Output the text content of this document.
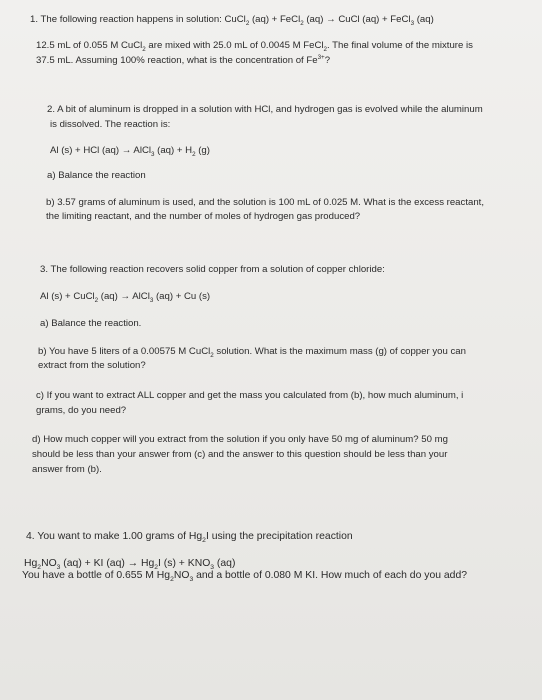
1. The following reaction happens in solution: CuCl$_2$ (aq) + FeCl$_2$ (aq) → CuCl (aq) + FeCl$_3$ (aq)
12.5 mL of 0.055 M CuCl$_2$ are mixed with 25.0 mL of 0.0045 M FeCl$_2$. The final volume of the mixture is
37.5 mL. Assuming 100% reaction, what is the concentration of $Fe^{3+}$?
2. A bit of aluminum is dropped in a solution with HCl, and hydrogen gas is evolved while the aluminum
is dissolved. The reaction is:
Al (s) + HCl (aq) → AlCl$_3$ $(aq) + H_2$ (g)
a) Balance the reaction
b) 3.57 grams of aluminum is used, and the solution is 100 mL of 0.025 M. What is the excess reactant,
the limiting reactant, and the number of moles of hydrogen gas produced?
3. The following reaction recovers solid copper from a solution of copper chloride:
Al (s) + CuCl$_2$ (aq) → AlCl$_3$ (aq) + Cu (s)
a) Balance the reaction.
b) You have 5 liters of a 0.00575 M CuCl$_2$ solution. What is the maximum mass (g) of copper you can
extract from the solution?
c) If you want to extract ALL copper and get the mass you calculated from (b), how much aluminum, i
grams, do you need?
d) How much copper will you extract from the solution if you only have 50 mg of aluminum? 50 mg
should be less than your answer from (c) and the answer to this question should be less than your
answer from (b).
4. You want to make 1.00 grams of $Hg_2I$ using the precipitation reaction
$Hg_2NO_3$ (aq) + KI $(aq) \to Hg_2I$ $(s) + KNO_3$ (aq)
You have a bottle of 0.655 M $Hg_2NO_3$ and a bottle of 0.080 M KI. How much of each do you add?
